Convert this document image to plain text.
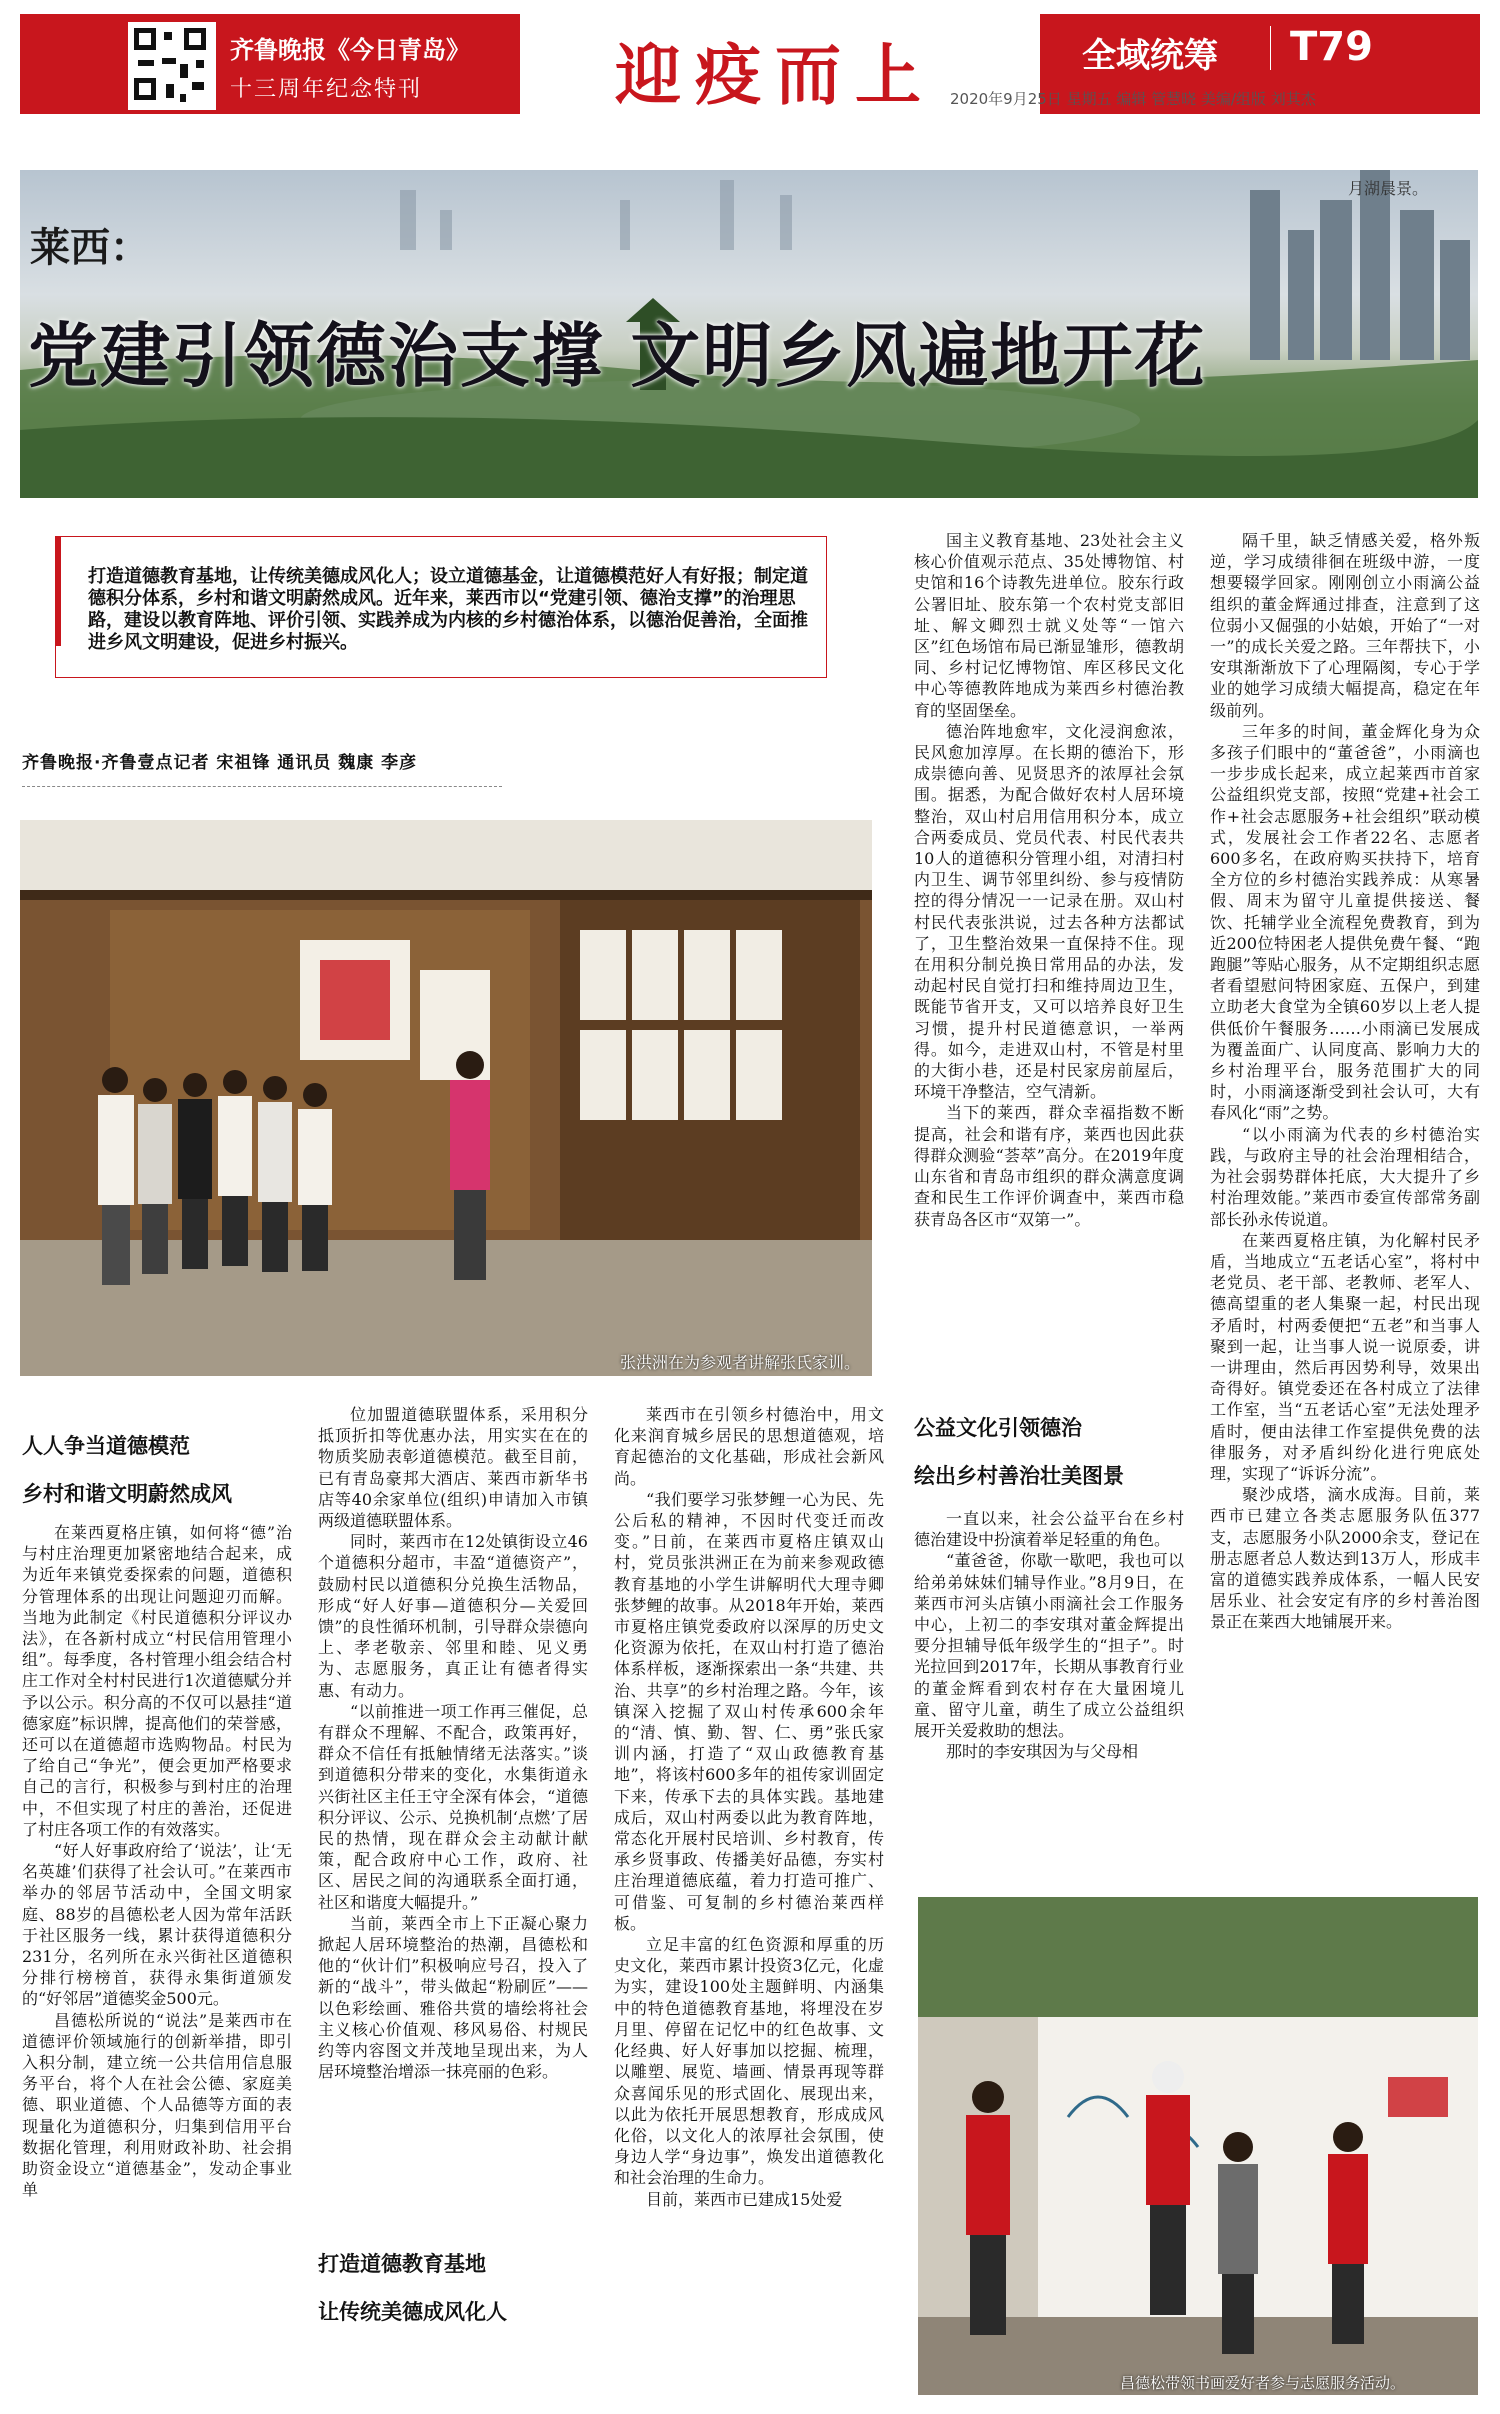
齐鲁晚报《今日青岛》
十三周年纪念特刊	迎疫而上	全域统筹 T79
2020年9月25日 星期五 编辑 管慧晓 美编/组版 刘其杰
月湖晨景。
莱西：
党建引领德治支撑 文明乡风遍地开花
打造道德教育基地，让传统美德成风化人；设立道德基金，让道德模范好人有好报；制定道德积分体系，乡村和谐文明蔚然成风。近年来，莱西市以“党建引领、德治支撑”的治理思路，建设以教育阵地、评价引领、实践养成为内核的乡村德治体系，以德治促善治，全面推进乡风文明建设，促进乡村振兴。
齐鲁晚报·齐鲁壹点记者 宋祖锋 通讯员 魏康 李彦
张洪洲在为参观者讲解张氏家训。
人人争当道德模范
乡村和谐文明蔚然成风

在莱西夏格庄镇，如何将“德”治与村庄治理更加紧密地结合起来，成为近年来镇党委探索的问题，道德积分管理体系的出现让问题迎刃而解。当地为此制定《村民道德积分评议办法》，在各新村成立“村民信用管理小组”。每季度，各村管理小组会结合村庄工作对全村村民进行1次道德赋分并予以公示。积分高的不仅可以悬挂“道德家庭”标识牌，提高他们的荣誉感，还可以在道德超市选购物品。村民为了给自己“争光”，便会更加严格要求自己的言行，积极参与到村庄的治理中，不但实现了村庄的善治，还促进了村庄各项工作的有效落实。

“好人好事政府给了‘说法’，让‘无名英雄’们获得了社会认可。”在莱西市举办的邻居节活动中，全国文明家庭、88岁的昌德松老人因为常年活跃于社区服务一线，累计获得道德积分231分，名列所在永兴街社区道德积分排行榜榜首，获得永集街道颁发的“好邻居”道德奖金500元。

昌德松所说的“说法”是莱西市在道德评价领域施行的创新举措，即引入积分制，建立统一公共信用信息服务平台，将个人在社会公德、家庭美德、职业道德、个人品德等方面的表现量化为道德积分，归集到信用平台数据化管理，利用财政补助、社会捐助资金设立“道德基金”，发动企事业单

位加盟道德联盟体系，采用积分抵顶折扣等优惠办法，用实实在在的物质奖励表彰道德模范。截至目前，已有青岛豪邦大酒店、莱西市新华书店等40余家单位(组织)申请加入市镇两级道德联盟体系。

同时，莱西市在12处镇街设立46个道德积分超市，丰盈“道德资产”，鼓励村民以道德积分兑换生活物品，形成“好人好事—道德积分—关爱回馈”的良性循环机制，引导群众崇德向上、孝老敬亲、邻里和睦、见义勇为、志愿服务，真正让有德者得实惠、有动力。

“以前推进一项工作再三催促，总有群众不理解、不配合，政策再好，群众不信任有抵触情绪无法落实。”谈到道德积分带来的变化，水集街道永兴街社区主任王守全深有体会，“道德积分评议、公示、兑换机制‘点燃’了居民的热情，现在群众会主动献计献策，配合政府中心工作，政府、社区、居民之间的沟通联系全面打通，社区和谐度大幅提升。”

当前，莱西全市上下正凝心聚力掀起人居环境整治的热潮，昌德松和他的“伙计们”积极响应号召，投入了新的“战斗”，带头做起“粉刷匠”——以色彩绘画、雅俗共赏的墙绘将社会主义核心价值观、移风易俗、村规民约等内容图文并茂地呈现出来，为人居环境整治增添一抹亮丽的色彩。

打造道德教育基地
让传统美德成风化人

莱西市在引领乡村德治中，用文化来润育城乡居民的思想道德观，培育起德治的文化基础，形成社会新风尚。

“我们要学习张梦鲤一心为民、先公后私的精神，不因时代变迁而改变。”日前，在莱西市夏格庄镇双山村，党员张洪洲正在为前来参观政德教育基地的小学生讲解明代大理寺卿张梦鲤的故事。从2018年开始，莱西市夏格庄镇党委政府以深厚的历史文化资源为依托，在双山村打造了德治体系样板，逐渐探索出一条“共建、共治、共享”的乡村治理之路。今年，该镇深入挖掘了双山村传承600余年的“清、慎、勤、智、仁、勇”张氏家训内涵，打造了“双山政德教育基地”，将该村600多年的祖传家训固定下来，传承下去的具体实践。基地建成后，双山村两委以此为教育阵地，常态化开展村民培训、乡村教育，传承乡贤事政、传播美好品德，夯实村庄治理道德底蕴，着力打造可推广、可借鉴、可复制的乡村德治莱西样板。

立足丰富的红色资源和厚重的历史文化，莱西市累计投资3亿元，化虚为实，建设100处主题鲜明、内涵集中的特色道德教育基地，将埋没在岁月里、停留在记忆中的红色故事、文化经典、好人好事加以挖掘、梳理，以雕塑、展览、墙画、情景再现等群众喜闻乐见的形式固化、展现出来，以此为依托开展思想教育，形成成风化俗，以文化人的浓厚社会氛围，使身边人学“身边事”，焕发出道德教化和社会治理的生命力。

目前，莱西市已建成15处爱

国主义教育基地、23处社会主义核心价值观示范点、35处博物馆、村史馆和16个诗教先进单位。胶东行政公署旧址、胶东第一个农村党支部旧址、解文卿烈士就义处等“一馆六区”红色场馆布局已渐显雏形，德教胡同、乡村记忆博物馆、库区移民文化中心等德教阵地成为莱西乡村德治教育的坚固堡垒。

德治阵地愈牢，文化浸润愈浓，民风愈加淳厚。在长期的德治下，形成崇德向善、见贤思齐的浓厚社会氛围。据悉，为配合做好农村人居环境整治，双山村启用信用积分本，成立合两委成员、党员代表、村民代表共10人的道德积分管理小组，对清扫村内卫生、调节邻里纠纷、参与疫情防控的得分情况一一记录在册。双山村村民代表张洪说，过去各种方法都试了，卫生整治效果一直保持不住。现在用积分制兑换日常用品的办法，发动起村民自觉打扫和维持周边卫生，既能节省开支，又可以培养良好卫生习惯，提升村民道德意识，一举两得。如今，走进双山村，不管是村里的大街小巷，还是村民家房前屋后，环境干净整洁，空气清新。

当下的莱西，群众幸福指数不断提高，社会和谐有序，莱西也因此获得群众测验“荟萃”高分。在2019年度山东省和青岛市组织的群众满意度调查和民生工作评价调查中，莱西市稳获青岛各区市“双第一”。

公益文化引领德治
绘出乡村善治壮美图景

一直以来，社会公益平台在乡村德治建设中扮演着举足轻重的角色。

“董爸爸，你歇一歇吧，我也可以给弟弟妹妹们辅导作业。”8月9日，在莱西市河头店镇小雨滴社会工作服务中心，上初二的李安琪对董金辉提出要分担辅导低年级学生的“担子”。时光拉回到2017年，长期从事教育行业的董金辉看到农村存在大量困境儿童、留守儿童，萌生了成立公益组织展开关爱救助的想法。

那时的李安琪因为与父母相

隔千里，缺乏情感关爱，格外叛逆，学习成绩徘徊在班级中游，一度想要辍学回家。刚刚创立小雨滴公益组织的董金辉通过排查，注意到了这位弱小又倔强的小姑娘，开始了“一对一”的成长关爱之路。三年帮扶下，小安琪渐渐放下了心理隔阂，专心于学业的她学习成绩大幅提高，稳定在年级前列。

三年多的时间，董金辉化身为众多孩子们眼中的“董爸爸”，小雨滴也一步步成长起来，成立起莱西市首家公益组织党支部，按照“党建+社会工作+社会志愿服务+社会组织”联动模式，发展社会工作者22名、志愿者600多名，在政府购买扶持下，培育全方位的乡村德治实践养成：从寒暑假、周末为留守儿童提供接送、餐饮、托辅学业全流程免费教育，到为近200位特困老人提供免费午餐、“跑跑腿”等贴心服务，从不定期组织志愿者看望慰问特困家庭、五保户，到建立助老大食堂为全镇60岁以上老人提供低价午餐服务……小雨滴已发展成为覆盖面广、认同度高、影响力大的乡村治理平台，服务范围扩大的同时，小雨滴逐渐受到社会认可，大有春风化“雨”之势。

“以小雨滴为代表的乡村德治实践，与政府主导的社会治理相结合，为社会弱势群体托底，大大提升了乡村治理效能。”莱西市委宣传部常务副部长孙永传说道。

在莱西夏格庄镇，为化解村民矛盾，当地成立“五老话心室”，将村中老党员、老干部、老教师、老军人、德高望重的老人集聚一起，村民出现矛盾时，村两委便把“五老”和当事人聚到一起，让当事人说一说原委，讲一讲理由，然后再因势利导，效果出奇得好。镇党委还在各村成立了法律工作室，当“五老话心室”无法处理矛盾时，便由法律工作室提供免费的法律服务，对矛盾纠纷化进行兜底处理，实现了“诉诉分流”。

聚沙成塔，滴水成海。目前，莱西市已建立各类志愿服务队伍377支，志愿服务小队2000余支，登记在册志愿者总人数达到13万人，形成丰富的道德实践养成体系，一幅人民安居乐业、社会安定有序的乡村善治图景正在莱西大地铺展开来。

昌德松带领书画爱好者参与志愿服务活动。
